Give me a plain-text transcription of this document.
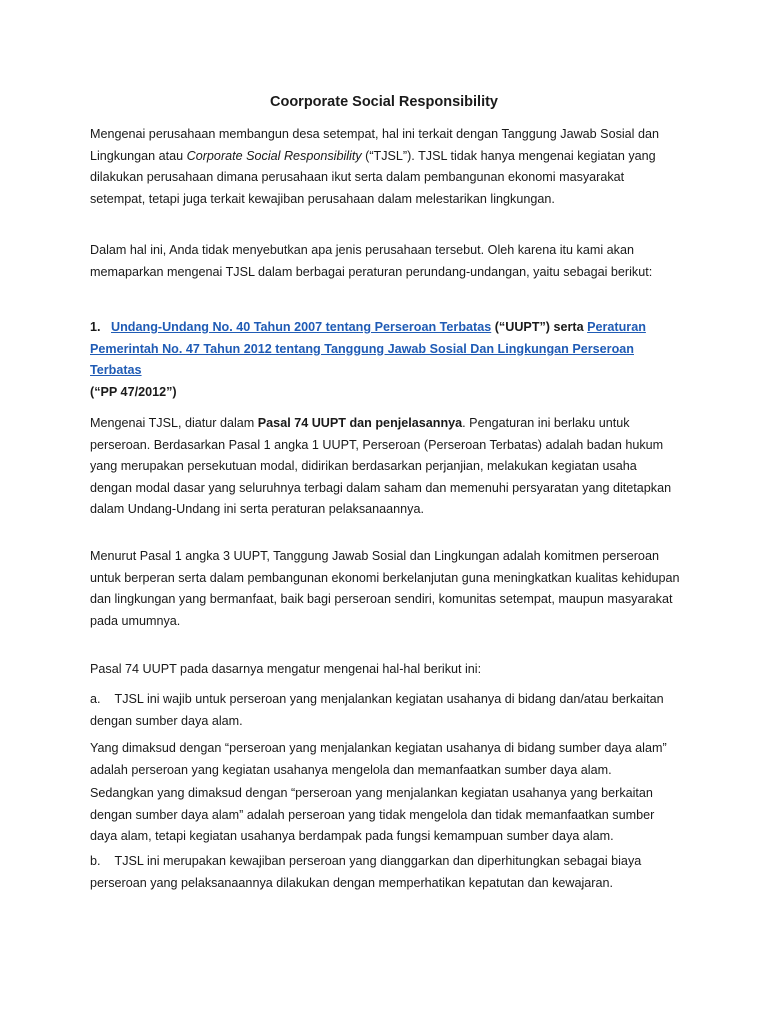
Coorporate Social Responsibility

Mengenai perusahaan membangun desa setempat, hal ini terkait dengan Tanggung Jawab Sosial dan Lingkungan atau Corporate Social Responsibility (“TJSL”). TJSL tidak hanya mengenai kegiatan yang dilakukan perusahaan dimana perusahaan ikut serta dalam pembangunan ekonomi masyarakat setempat, tetapi juga terkait kewajiban perusahaan dalam melestarikan lingkungan.

Dalam hal ini, Anda tidak menyebutkan apa jenis perusahaan tersebut. Oleh karena itu kami akan memaparkan mengenai TJSL dalam berbagai peraturan perundang-undangan, yaitu sebagai berikut:

1. Undang-Undang No. 40 Tahun 2007 tentang Perseroan Terbatas (“UUPT”) serta Peraturan Pemerintah No. 47 Tahun 2012 tentang Tanggung Jawab Sosial Dan Lingkungan Perseroan Terbatas
(“PP 47/2012”)

Mengenai TJSL, diatur dalam Pasal 74 UUPT dan penjelasannya. Pengaturan ini berlaku untuk perseroan. Berdasarkan Pasal 1 angka 1 UUPT, Perseroan (Perseroan Terbatas) adalah badan hukum yang merupakan persekutuan modal, didirikan berdasarkan perjanjian, melakukan kegiatan usaha dengan modal dasar yang seluruhnya terbagi dalam saham dan memenuhi persyaratan yang ditetapkan dalam Undang-Undang ini serta peraturan pelaksanaannya.

Menurut Pasal 1 angka 3 UUPT, Tanggung Jawab Sosial dan Lingkungan adalah komitmen perseroan untuk berperan serta dalam pembangunan ekonomi berkelanjutan guna meningkatkan kualitas kehidupan dan lingkungan yang bermanfaat, baik bagi perseroan sendiri, komunitas setempat, maupun masyarakat pada umumnya.

Pasal 74 UUPT pada dasarnya mengatur mengenai hal-hal berikut ini:

a. TJSL ini wajib untuk perseroan yang menjalankan kegiatan usahanya di bidang dan/atau berkaitan dengan sumber daya alam.

Yang dimaksud dengan “perseroan yang menjalankan kegiatan usahanya di bidang sumber daya alam” adalah perseroan yang kegiatan usahanya mengelola dan memanfaatkan sumber daya alam.

Sedangkan yang dimaksud dengan “perseroan yang menjalankan kegiatan usahanya yang berkaitan dengan sumber daya alam” adalah perseroan yang tidak mengelola dan tidak memanfaatkan sumber daya alam, tetapi kegiatan usahanya berdampak pada fungsi kemampuan sumber daya alam.

b. TJSL ini merupakan kewajiban perseroan yang dianggarkan dan diperhitungkan sebagai biaya perseroan yang pelaksanaannya dilakukan dengan memperhatikan kepatutan dan kewajaran.
